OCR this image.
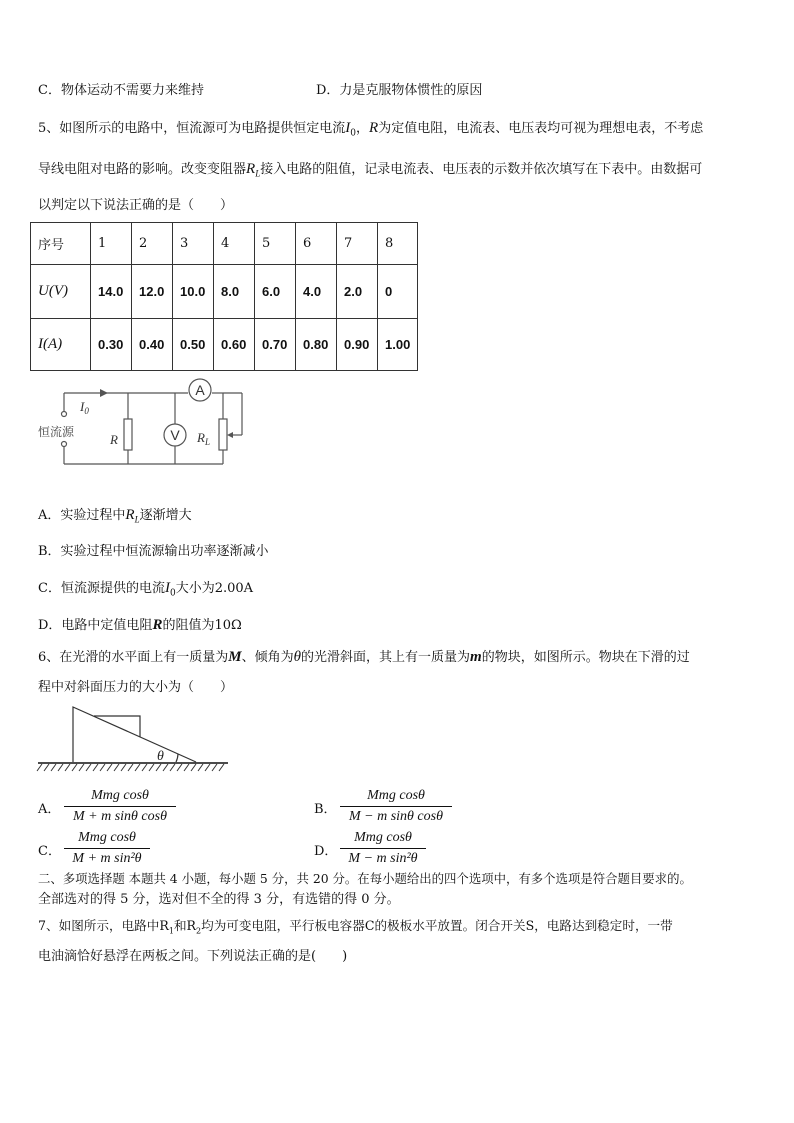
C．物体运动不需要力来维持	D．力是克服物体惯性的原因
5、如图所示的电路中，恒流源可为电路提供恒定电流$I_0$，R为定值电阻，电流表、电压表均可视为理想电表，不考虑
导线电阻对电路的影响。改变变阻器$R_L$接入电路的阻值，记录电流表、电压表的示数并依次填写在下表中。由数据可
以判定以下说法正确的是（　　）
序号	1	2	3	4	5	6	7	8
U(V)	14.0	12.0	10.0	8.0	6.0	4.0	2.0	0
I(A)	0.30	0.40	0.50	0.60	0.70	0.80	0.90	1.00
A
V
$I_0$
恒流源	R	$R_L$
A．实验过程中$R_L$逐渐增大
B．实验过程中恒流源输出功率逐渐减小
C．恒流源提供的电流$I_0$大小为2.00A
D．电路中定值电阻R的阻值为10Ω
6、在光滑的水平面上有一质量为M、倾角为θ的光滑斜面，其上有一质量为m的物块，如图所示。物块在下滑的过
程中对斜面压力的大小为（　　）
θ
A．
Mmg cosθ
M + m sinθ cosθ	B．
Mmg cosθ
M − m sinθ cosθ
C．
Mmg cosθ
M + m sin²θ	D．
Mmg cosθ
M − m sin²θ
二、多项选择题 本题共 4 小题，每小题 5 分，共 20 分。在每小题给出的四个选项中，有多个选项是符合题目要求的。
全部选对的得 5 分，选对但不全的得 3 分，有选错的得 0 分。
7、如图所示，电路中$R_1$和$R_2$均为可变电阻，平行板电容器C的极板水平放置。闭合开关S，电路达到稳定时，一带
电油滴恰好悬浮在两板之间。下列说法正确的是(　　)
